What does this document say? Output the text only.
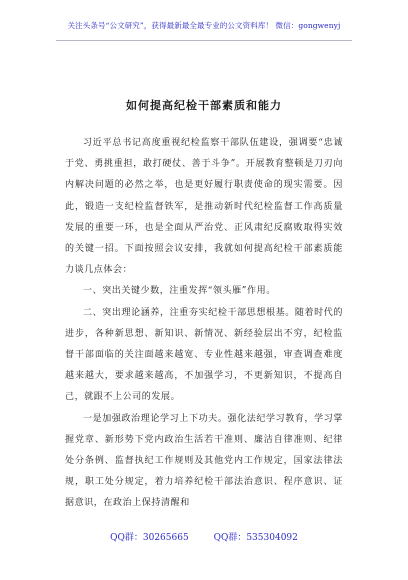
关注头条号“公文研究”，获得最新最全最专业的公文资料库！ 微信：gongwenyj
如何提高纪检干部素质和能力

习近平总书记高度重视纪检监察干部队伍建设，强调要“忠诚于党、勇挑重担，敢打硬仗、善于斗争”。开展教育整顿是刀刃向内解决问题的必然之举，也是更好履行职责使命的现实需要。因此，锻造一支纪检监督铁军，是推动新时代纪检监督工作高质量发展的重要一环，也是全面从严治党、正风肃纪反腐败取得实效的关键一招。下面按照会议安排，我就如何提高纪检干部素质能力谈几点体会：

一、突出关键少数，注重发挥“领头雁”作用。

二、突出理论涵养，注重夯实纪检干部思想根基。随着时代的进步，各种新思想、新知识、新情况、新经验层出不穷，纪检监督干部面临的关注面越来越宽、专业性越来越强，审查调查难度越来越大，要求越来越高，不加强学习，不更新知识，不提高自己，就跟不上公司的发展。

一是加强政治理论学习上下功夫。强化法纪学习教育，学习掌握党章、新形势下党内政治生活若干准则、廉洁自律准则、纪律处分条例、监督执纪工作规则及其他党内工作规定，国家法律法规，职工处分规定，着力培养纪检干部法治意识、程序意识、证据意识，在政治上保持清醒和

QQ群：30265665	QQ群：535304092
